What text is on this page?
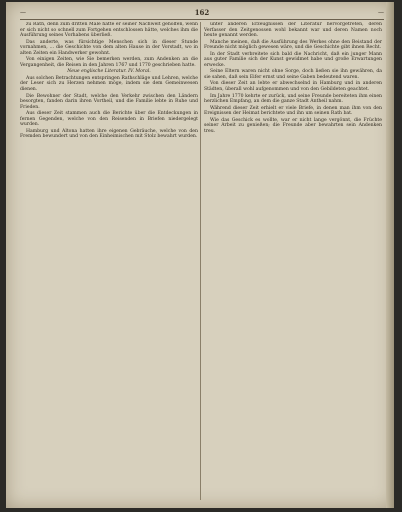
—	162	—

zu Rath, denn zum dritten Male hätte er seiner Nachwelt geholfen, wenn er sich nicht so schnell zum Fortgehen entschlossen hätte, welches ihm die Ausführung seines Vorhabens überließ.

Das anderte, was fürsichtige Menschen sich in dieser Stunde vornahmen, ... die Geschichte von dem alten Hause in der Vorstadt, wo in alten Zeiten ein Handwerker gewohnt.

Von einigen Zeiten, wie Sie bemerken werden, zum Andenken an die Vergangenheit, die Reisen in den Jahren 1767 und 1770 geschrieben hatte.

Neue englische Literatur. IV. Moral.

Aus solchen Betrachtungen entspringen Rathschläge und Lehren, welche der Leser sich zu Herzen nehmen möge, indem sie dem Gemeinwesen dienen.

Die Bewohner der Stadt, welche den Verkehr zwischen den Ländern besorgten, fanden darin ihren Vortheil, und die Familie lebte in Ruhe und Frieden.

Aus dieser Zeit stammen auch die Berichte über die Entdeckungen in fernen Gegenden, welche von den Reisenden in Briefen niedergelegt wurden.

Hamburg und Altona hatten ihre eigenen Gebräuche, welche von den Fremden bewundert und von den Einheimischen mit Stolz bewahrt wurden.

unter anderen Erzeugnissen der Literatur hervorgetreten, deren Verfasser den Zeitgenossen wohl bekannt war und deren Namen noch heute genannt werden.

Manche meinen, daß die Ausführung des Werkes ohne den Beistand der Freunde nicht möglich gewesen wäre, und die Geschichte gibt ihnen Recht.

In der Stadt verbreitete sich bald die Nachricht, daß ein junger Mann aus guter Familie sich der Kunst gewidmet habe und große Erwartungen erwecke.

Seine Eltern waren nicht ohne Sorge, doch ließen sie ihn gewähren, da sie sahen, daß sein Eifer ernst und seine Gaben bedeutend waren.

Von dieser Zeit an lebte er abwechselnd in Hamburg und in anderen Städten, überall wohl aufgenommen und von den Gebildeten geachtet.

Im Jahre 1770 kehrte er zurück, und seine Freunde bereiteten ihm einen herzlichen Empfang, an dem die ganze Stadt Antheil nahm.

Während dieser Zeit erhielt er viele Briefe, in denen man ihm von den Ereignissen der Heimat berichtete und ihn um seinen Rath bat.

Wie das Geschick es wollte, war er nicht lange vergönnt, die Früchte seiner Arbeit zu genießen; die Freunde aber bewahrten sein Andenken treu.
